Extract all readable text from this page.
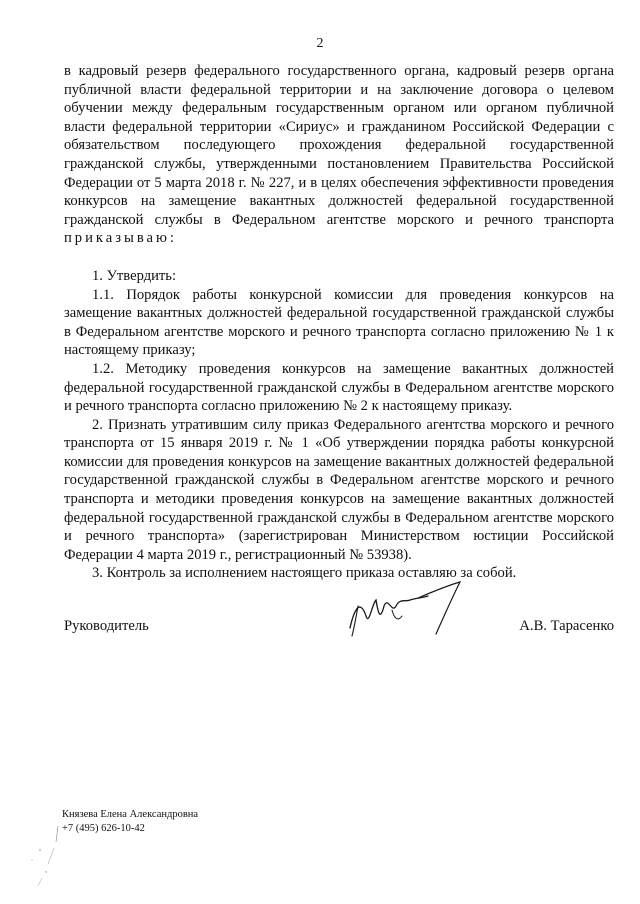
2

в кадровый резерв федерального государственного органа, кадровый резерв органа публичной власти федеральной территории и на заключение договора о целевом обучении между федеральным государственным органом или органом публичной власти федеральной территории «Сириус» и гражданином Российской Федерации с обязательством последующего прохождения федеральной государственной гражданской службы, утвержденными постановлением Правительства Российской Федерации от 5 марта 2018 г. № 227, и в целях обеспечения эффективности проведения конкурсов на замещение вакантных должностей федеральной государственной гражданской службы в Федеральном агентстве морского и речного транспорта приказываю:

1. Утвердить:

1.1. Порядок работы конкурсной комиссии для проведения конкурсов на замещение вакантных должностей федеральной государственной гражданской службы в Федеральном агентстве морского и речного транспорта согласно приложению № 1 к настоящему приказу;

1.2. Методику проведения конкурсов на замещение вакантных должностей федеральной государственной гражданской службы в Федеральном агентстве морского и речного транспорта согласно приложению № 2 к настоящему приказу.

2. Признать утратившим силу приказ Федерального агентства морского и речного транспорта от 15 января 2019 г. № 1 «Об утверждении порядка работы конкурсной комиссии для проведения конкурсов на замещение вакантных должностей федеральной государственной гражданской службы в Федеральном агентстве морского и речного транспорта и методики проведения конкурсов на замещение вакантных должностей федеральной государственной гражданской службы в Федеральном агентстве морского и речного транспорта» (зарегистрирован Министерством юстиции Российской Федерации 4 марта 2019 г., регистрационный № 53938).

3. Контроль за исполнением настоящего приказа оставляю за собой.

Руководитель	А.В. Тарасенко
Князева Елена Александровна
+7 (495) 626-10-42
